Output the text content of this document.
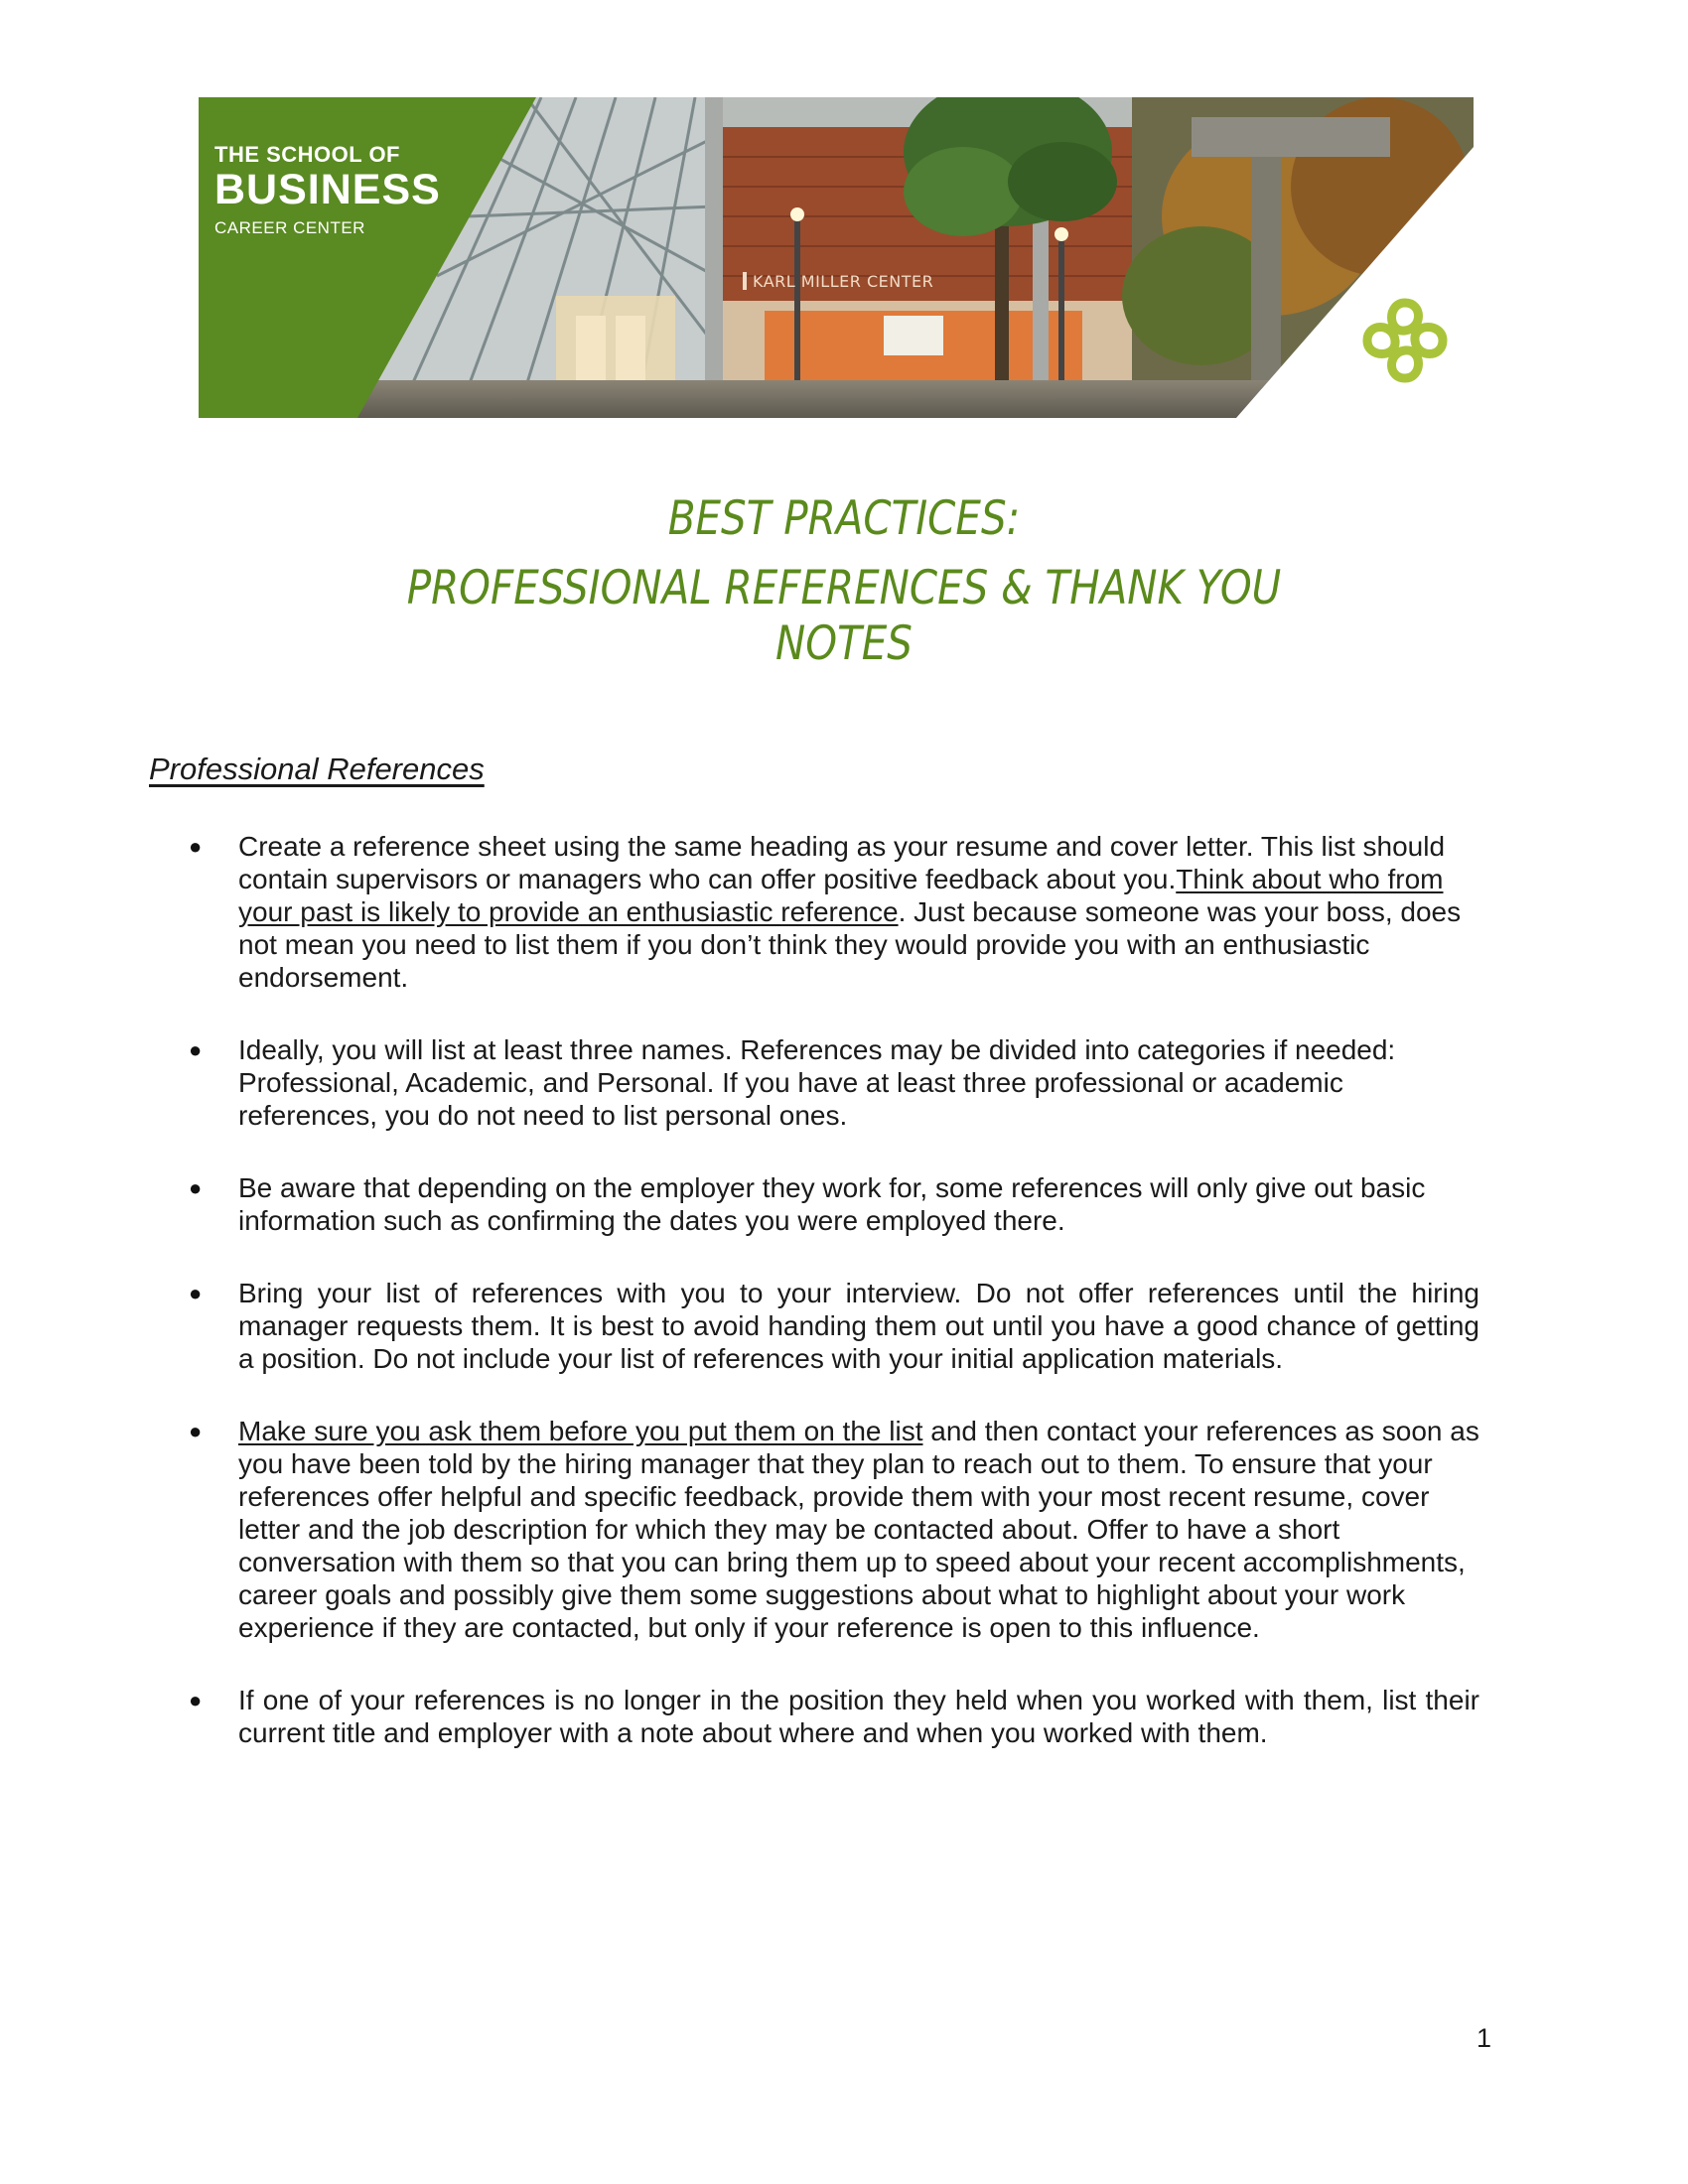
THE SCHOOL OF
BUSINESS
CAREER CENTER
KARL MILLER CENTER
BEST PRACTICES:
PROFESSIONAL REFERENCES & THANK YOU NOTES
Professional References
● Create a reference sheet using the same heading as your resume and cover letter. This list should contain supervisors or managers who can offer positive feedback about you.Think about who from your past is likely to provide an enthusiastic reference. Just because someone was your boss, does not mean you need to list them if you don’t think they would provide you with an enthusiastic endorsement.
● Ideally, you will list at least three names. References may be divided into categories if needed: Professional, Academic, and Personal. If you have at least three professional or academic references, you do not need to list personal ones.
● Be aware that depending on the employer they work for, some references will only give out basic information such as confirming the dates you were employed there.
● Bring your list of references with you to your interview. Do not offer references until the hiring manager requests them. It is best to avoid handing them out until you have a good chance of getting a position. Do not include your list of references with your initial application materials.
● Make sure you ask them before you put them on the list and then contact your references as soon as you have been told by the hiring manager that they plan to reach out to them. To ensure that your references offer helpful and specific feedback, provide them with your most recent resume, cover letter and the job description for which they may be contacted about. Offer to have a short conversation with them so that you can bring them up to speed about your recent accomplishments, career goals and possibly give them some suggestions about what to highlight about your work experience if they are contacted, but only if your reference is open to this influence.
● If one of your references is no longer in the position they held when you worked with them, list their current title and employer with a note about where and when you worked with them.
1
